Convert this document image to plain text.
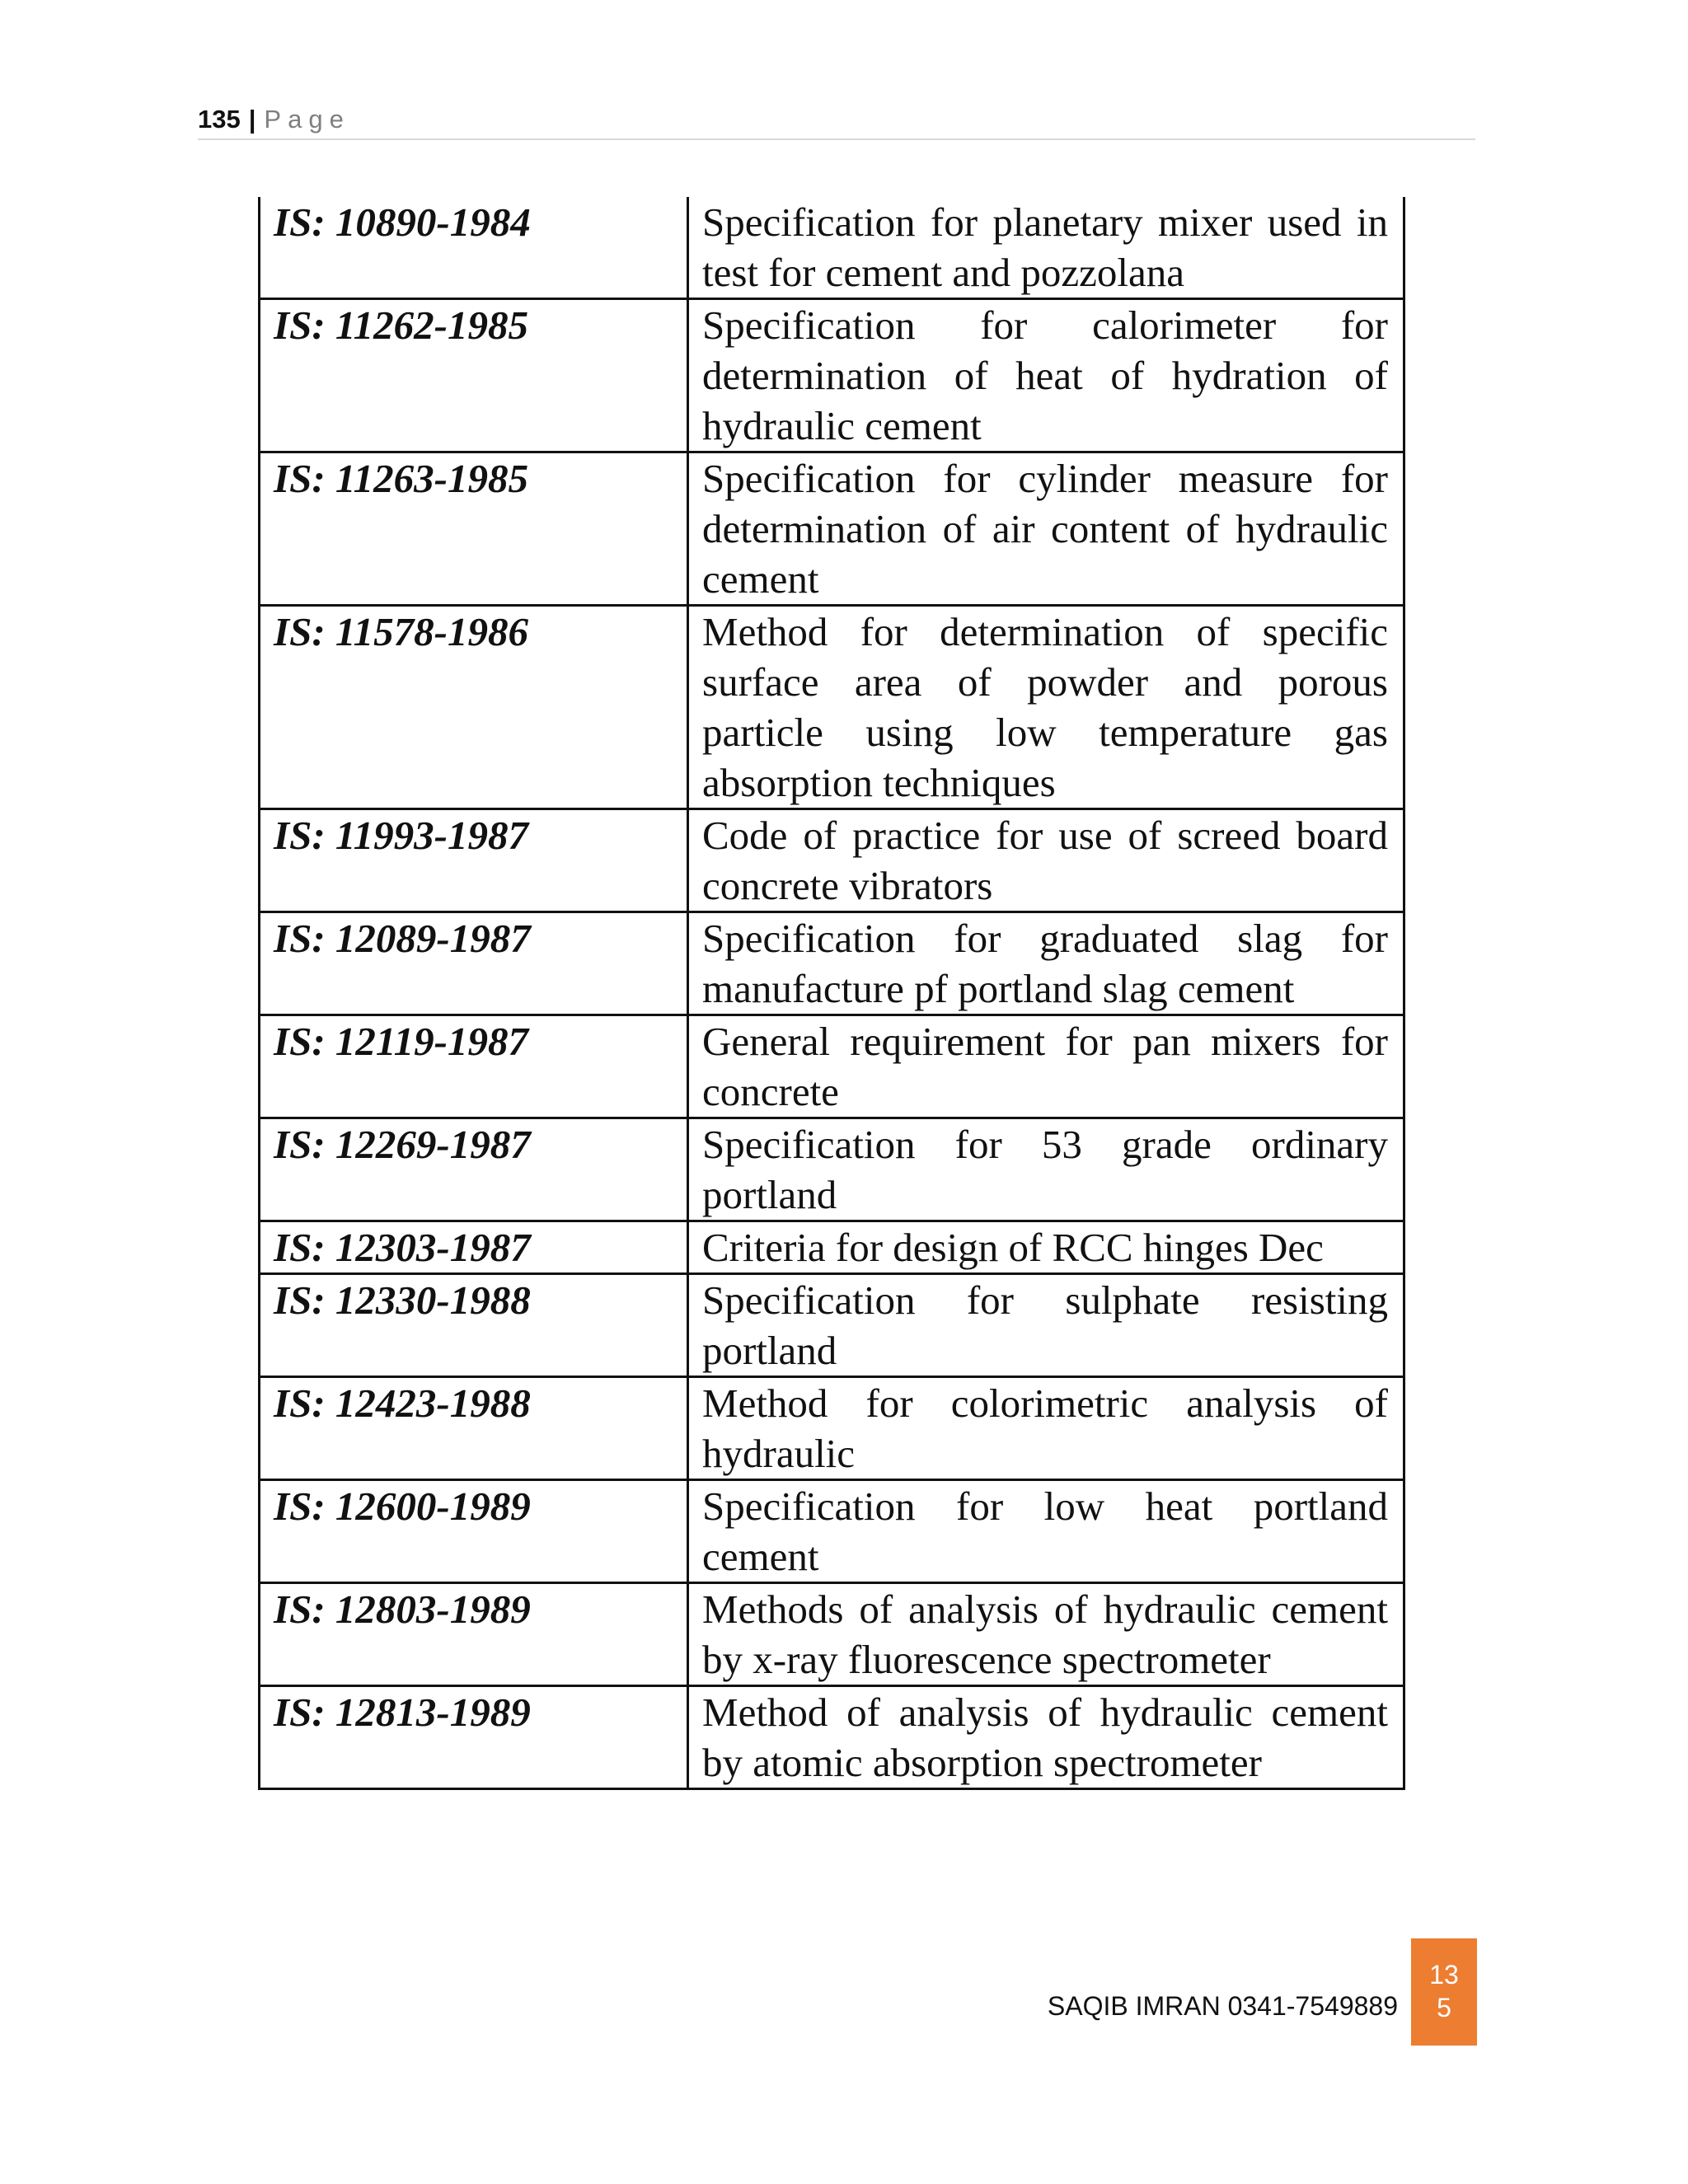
135 | Page
IS: 10890-1984	Specification for planetary mixer used in test for cement and pozzolana
IS: 11262-1985	Specification for calorimeter for determination of heat of hydration of hydraulic cement
IS: 11263-1985	Specification for cylinder measure for determination of air content of hydraulic cement
IS: 11578-1986	Method for determination of specific surface area of powder and porous particle using low temperature gas absorption techniques
IS: 11993-1987	Code of practice for use of screed board concrete vibrators
IS: 12089-1987	Specification for graduated slag for manufacture pf portland slag cement
IS: 12119-1987	General requirement for pan mixers for concrete
IS: 12269-1987	Specification for 53 grade ordinary portland
IS: 12303-1987	Criteria for design of RCC hinges Dec
IS: 12330-1988	Specification for sulphate resisting portland
IS: 12423-1988	Method for colorimetric analysis of hydraulic
IS: 12600-1989	Specification for low heat portland cement
IS: 12803-1989	Methods of analysis of hydraulic cement by x-ray fluorescence spectrometer
IS: 12813-1989	Method of analysis of hydraulic cement by atomic absorption spectrometer
SAQIB IMRAN 0341-7549889
13
5
